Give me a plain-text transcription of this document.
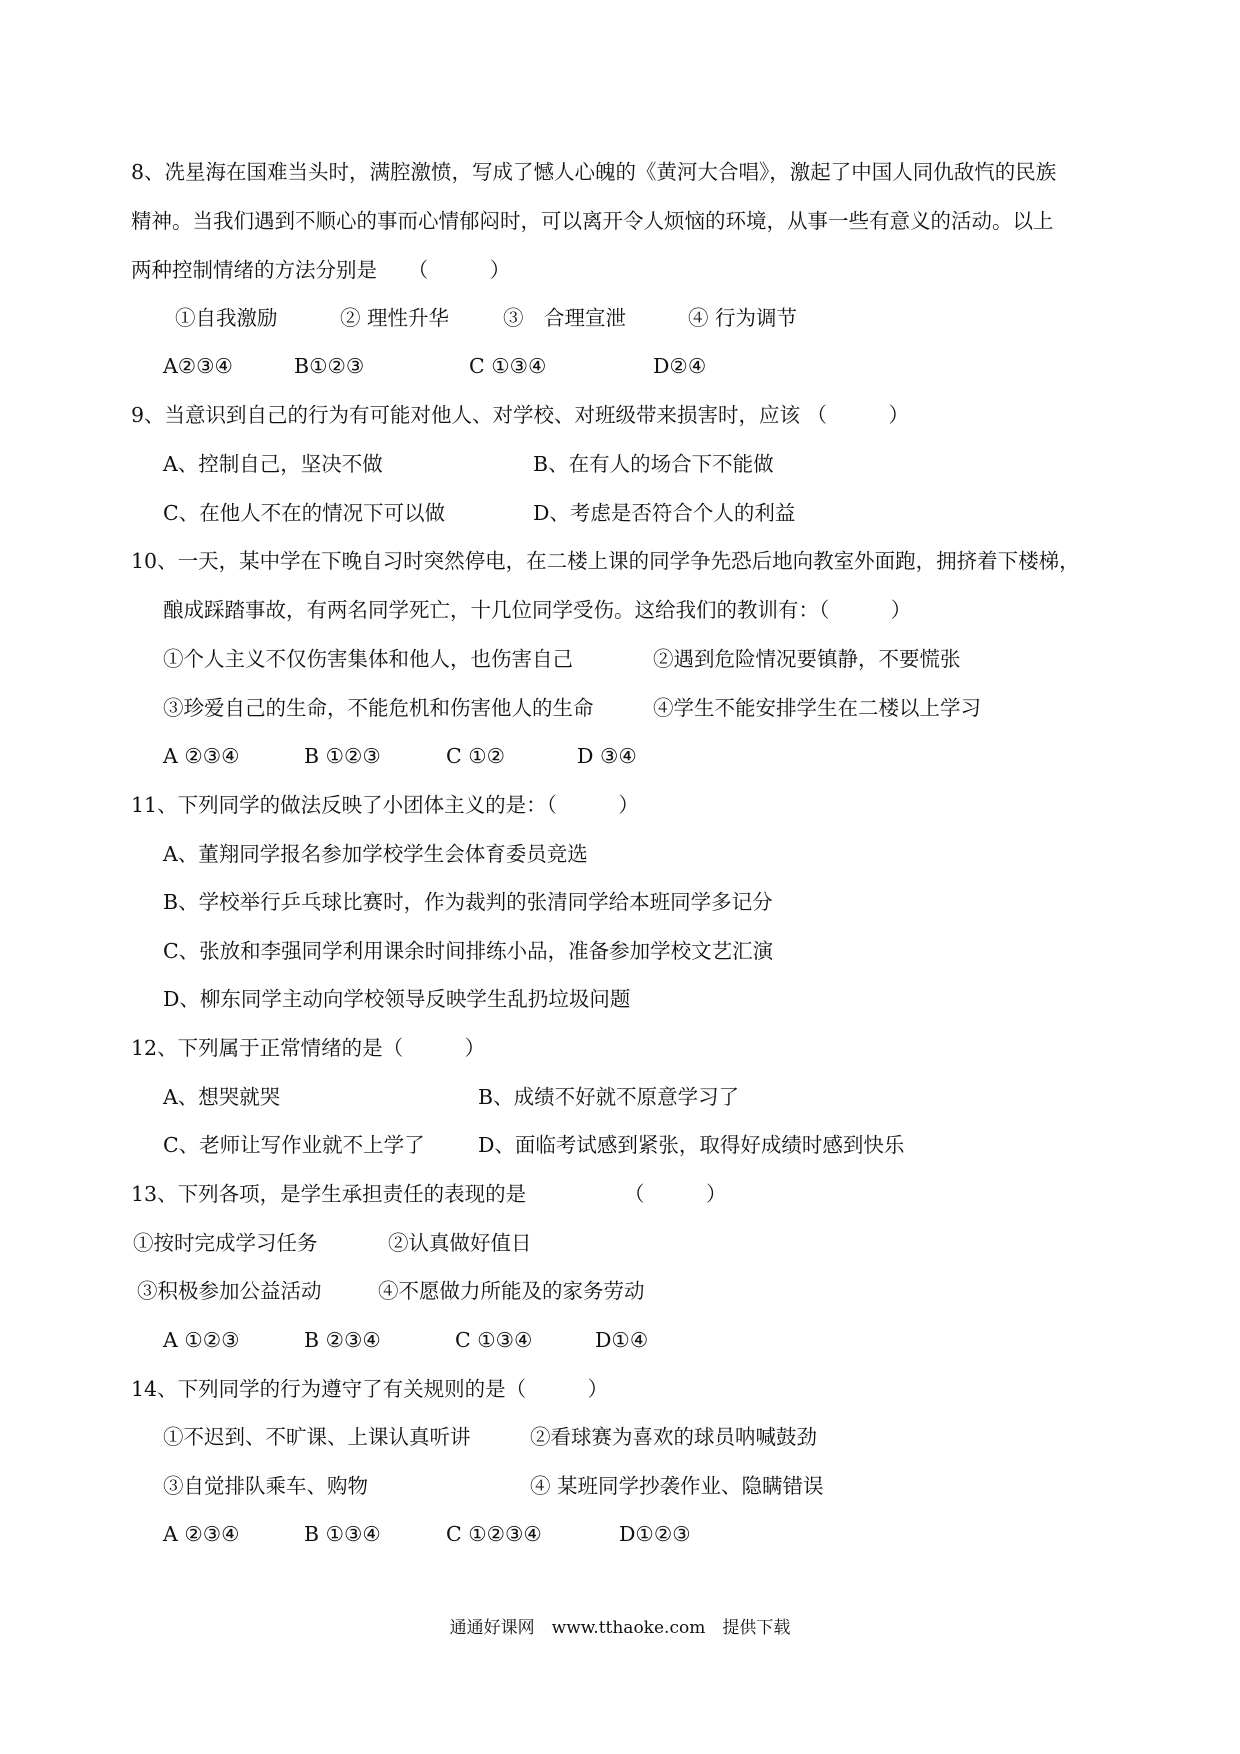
8、冼星海在国难当头时，满腔激愤，写成了憾人心魄的《黄河大合唱》，激起了中国人同仇敌忾的民族
精神。当我们遇到不顺心的事而心情郁闷时，可以离开令人烦恼的环境，从事一些有意义的活动。以上
两种控制情绪的方法分别是　　（　　　）
①自我激励	② 理性升华	③　合理宣泄	④ 行为调节
A②③④	B①②③	C ①③④	D②④
9、当意识到自己的行为有可能对他人、对学校、对班级带来损害时，应该 （　　　）
A、控制自己，坚决不做	B、在有人的场合下不能做
C、在他人不在的情况下可以做	D、考虑是否符合个人的利益
10、一天，某中学在下晚自习时突然停电，在二楼上课的同学争先恐后地向教室外面跑，拥挤着下楼梯，
酿成踩踏事故，有两名同学死亡，十几位同学受伤。这给我们的教训有：（　　　）
①个人主义不仅伤害集体和他人，也伤害自己	②遇到危险情况要镇静，不要慌张
③珍爱自己的生命，不能危机和伤害他人的生命	④学生不能安排学生在二楼以上学习
A ②③④	B ①②③	C ①②	D ③④
11、下列同学的做法反映了小团体主义的是：（　　　）
A、董翔同学报名参加学校学生会体育委员竞选
B、学校举行乒乓球比赛时，作为裁判的张清同学给本班同学多记分
C、张放和李强同学利用课余时间排练小品，准备参加学校文艺汇演
D、柳东同学主动向学校领导反映学生乱扔垃圾问题
12、下列属于正常情绪的是（　　　）
A、想哭就哭	B、成绩不好就不原意学习了
C、老师让写作业就不上学了	D、面临考试感到紧张，取得好成绩时感到快乐
13、下列各项，是学生承担责任的表现的是	（　　　）
①按时完成学习任务	②认真做好值日
③积极参加公益活动	④不愿做力所能及的家务劳动
A ①②③	B ②③④	C ①③④	D①④
14、下列同学的行为遵守了有关规则的是（　　　）
①不迟到、不旷课、上课认真听讲	②看球赛为喜欢的球员呐喊鼓劲
③自觉排队乘车、购物	④ 某班同学抄袭作业、隐瞒错误
A ②③④	B ①③④	C ①②③④	D①②③
通通好课网　www.tthaoke.com　提供下载
